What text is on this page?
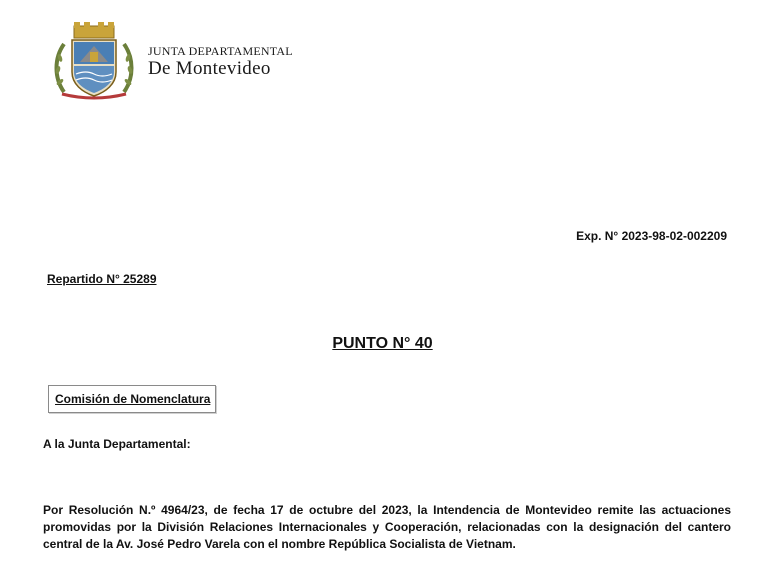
JUNTA DEPARTAMENTAL
De Montevideo
Exp. N° 2023-98-02-002209
Repartido N° 25289
PUNTO N° 40
Comisión de Nomenclatura
A la Junta Departamental:
Por Resolución N.º 4964/23, de fecha 17 de octubre del 2023, la Intendencia de Montevideo remite las actuaciones promovidas por la División Relaciones Internacionales y Cooperación, relacionadas con la designación del cantero central de la Av. José Pedro Varela con el nombre República Socialista de Vietnam.
